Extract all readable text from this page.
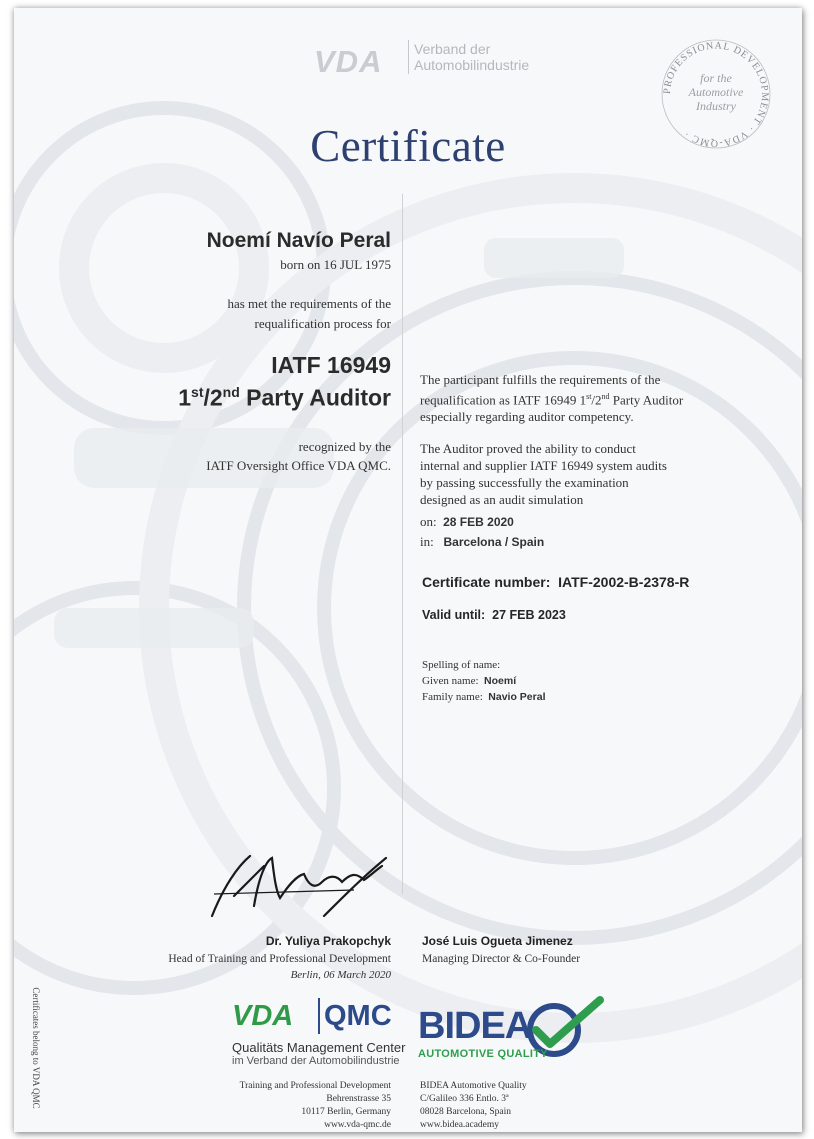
VDA Verband der
Automobilindustrie
PROFESSIONAL DEVELOPMENT · VDA-QMC ·
for the
Automotive
Industry
Certificate
Noemí Navío Peral
born on 16 JUL 1975
has met the requirements of the
requalification process for
IATF 16949
1st/2nd Party Auditor
recognized by the
IATF Oversight Office VDA QMC.
The participant fulfills the requirements of the
requalification as IATF 16949 1st/2nd Party Auditor
especially regarding auditor competency.
The Auditor proved the ability to conduct
internal and supplier IATF 16949 system audits
by passing successfully the examination
designed as an audit simulation
on: 28 FEB 2020
in: Barcelona / Spain
Certificate number: IATF-2002-B-2378-R
Valid until: 27 FEB 2023
Spelling of name:
Given name: Noemí
Family name: Navio Peral
Dr. Yuliya Prakopchyk
Head of Training and Professional Development
Berlin, 06 March 2020
José Luis Ogueta Jimenez
Managing Director & Co-Founder
VDA QMC
Qualitäts Management Center
im Verband der Automobilindustrie
BIDEA
AUTOMOTIVE QUALITY
Training and Professional Development
Behrenstrasse 35
10117 Berlin, Germany
www.vda-qmc.de
BIDEA Automotive Quality
C/Galileo 336 Entlo. 3ª
08028 Barcelona, Spain
www.bidea.academy
Certificates belong to VDA QMC
